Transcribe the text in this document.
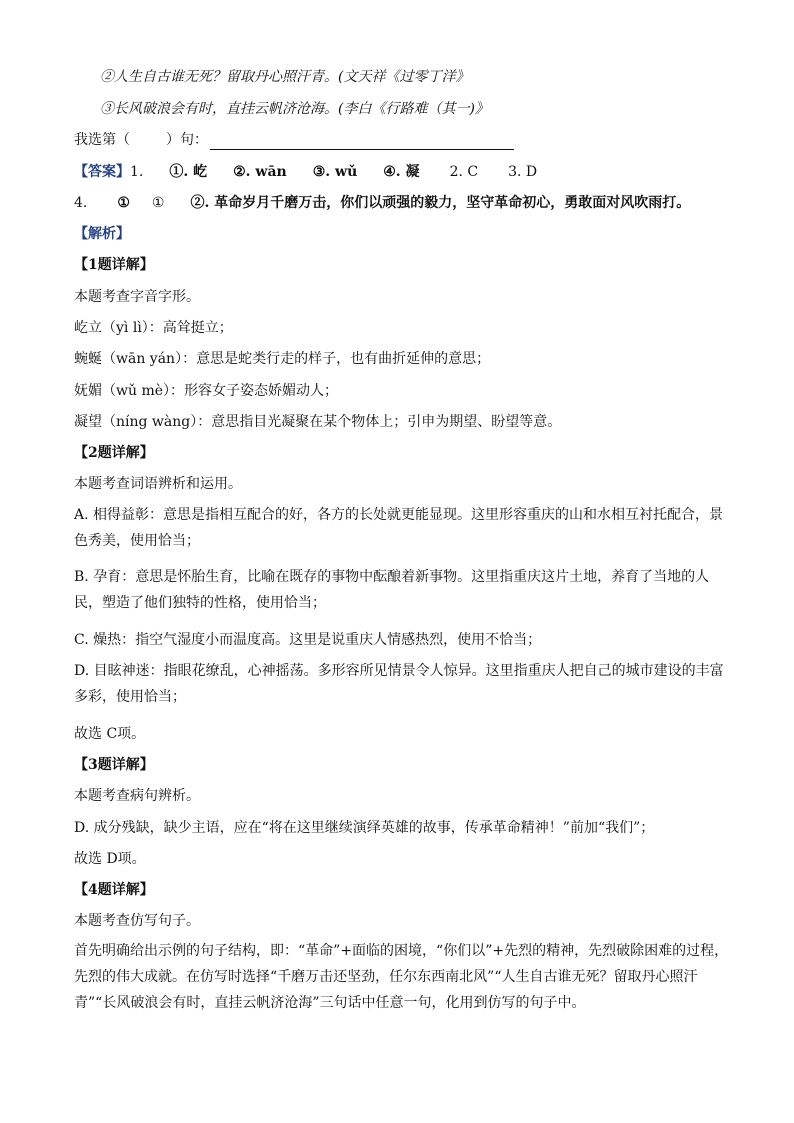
②人生自古谁无死？留取丹心照汗青。(文天祥《过零丁洋》
③长风破浪会有时，直挂云帆济沧海。(李白《行路难（其一)》
我选第（	）句：
【答案】1. ①. 屹 ②. wān ③. wǔ ④. 凝 2. C 3. D
4. ① ① ②. 革命岁月千磨万击，你们以顽强的毅力，坚守革命初心，勇敢面对风吹雨打。
【解析】
【1题详解】
本题考查字音字形。
屹立（yì lì）：高耸挺立；
蜿蜒（wān yán）：意思是蛇类行走的样子，也有曲折延伸的意思；
妩媚（wǔ mè）：形容女子姿态娇媚动人；
凝望（níng wàng）：意思指目光凝聚在某个物体上；引申为期望、盼望等意。
【2题详解】
本题考查词语辨析和运用。
A. 相得益彰：意思是指相互配合的好，各方的长处就更能显现。这里形容重庆的山和水相互衬托配合，景色秀美，使用恰当；
B. 孕育：意思是怀胎生育，比喻在既存的事物中酝酿着新事物。这里指重庆这片土地，养育了当地的人民，塑造了他们独特的性格，使用恰当；
C. 燥热：指空气湿度小而温度高。这里是说重庆人情感热烈，使用不恰当；
D. 目眩神迷：指眼花缭乱，心神摇荡。多形容所见情景令人惊异。这里指重庆人把自己的城市建设的丰富多彩，使用恰当；
故选 C项。
【3题详解】
本题考查病句辨析。
D. 成分残缺，缺少主语，应在“将在这里继续演绎英雄的故事，传承革命精神！”前加“我们”；
故选 D项。
【4题详解】
本题考查仿写句子。
首先明确给出示例的句子结构，即：“革命”+面临的困境，“你们以”+先烈的精神，先烈破除困难的过程，先烈的伟大成就。在仿写时选择“千磨万击还坚劲，任尔东西南北风”“人生自古谁无死？留取丹心照汗青”“长风破浪会有时，直挂云帆济沧海”三句话中任意一句，化用到仿写的句子中。
